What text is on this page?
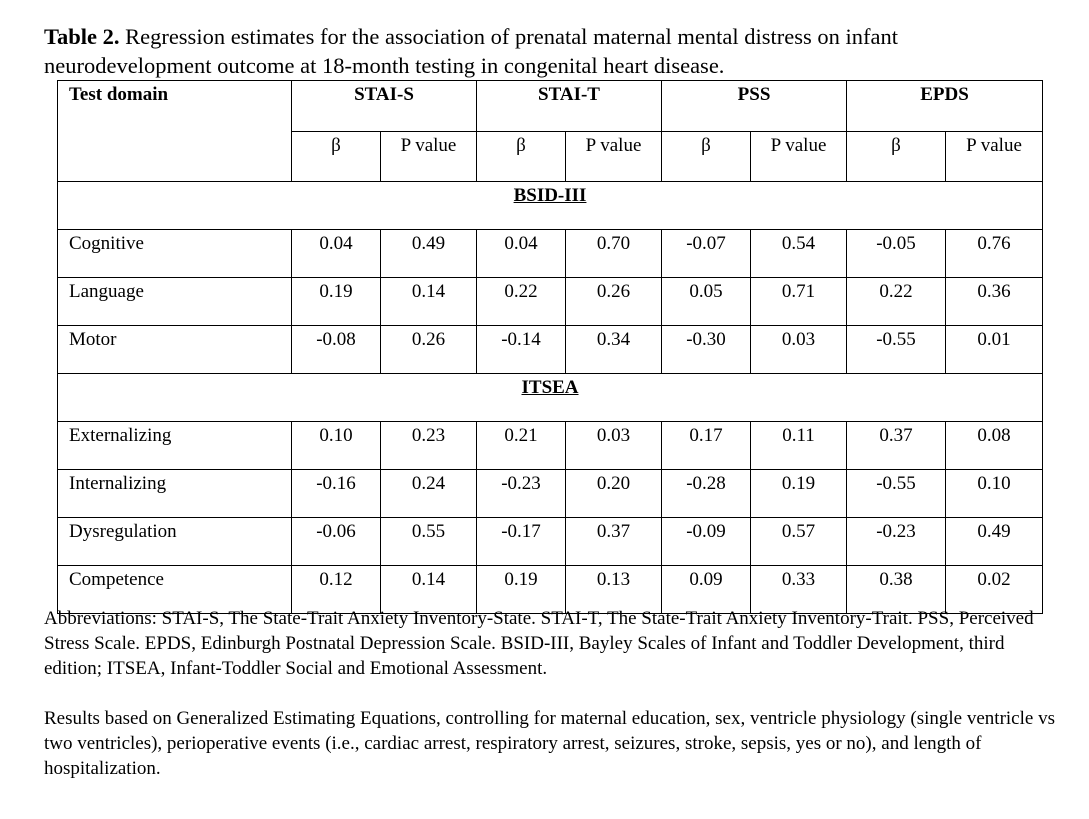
Table 2. Regression estimates for the association of prenatal maternal mental distress on infant neurodevelopment outcome at 18-month testing in congenital heart disease.
Test domain	STAI-S		STAI-T		PSS		EPDS	
	β	P value	β	P value	β	P value	β	P value
BSID-III								
Cognitive	0.04	0.49	0.04	0.70	-0.07	0.54	-0.05	0.76
Language	0.19	0.14	0.22	0.26	0.05	0.71	0.22	0.36
Motor	-0.08	0.26	-0.14	0.34	-0.30	0.03	-0.55	0.01
ITSEA								
Externalizing	0.10	0.23	0.21	0.03	0.17	0.11	0.37	0.08
Internalizing	-0.16	0.24	-0.23	0.20	-0.28	0.19	-0.55	0.10
Dysregulation	-0.06	0.55	-0.17	0.37	-0.09	0.57	-0.23	0.49
Competence	0.12	0.14	0.19	0.13	0.09	0.33	0.38	0.02
Abbreviations: STAI-S, The State-Trait Anxiety Inventory-State. STAI-T, The State-Trait Anxiety Inventory-Trait. PSS, Perceived Stress Scale. EPDS, Edinburgh Postnatal Depression Scale. BSID-III, Bayley Scales of Infant and Toddler Development, third edition; ITSEA, Infant-Toddler Social and Emotional Assessment.
Results based on Generalized Estimating Equations, controlling for maternal education, sex, ventricle physiology (single ventricle vs two ventricles), perioperative events (i.e., cardiac arrest, respiratory arrest, seizures, stroke, sepsis, yes or no), and length of hospitalization.
